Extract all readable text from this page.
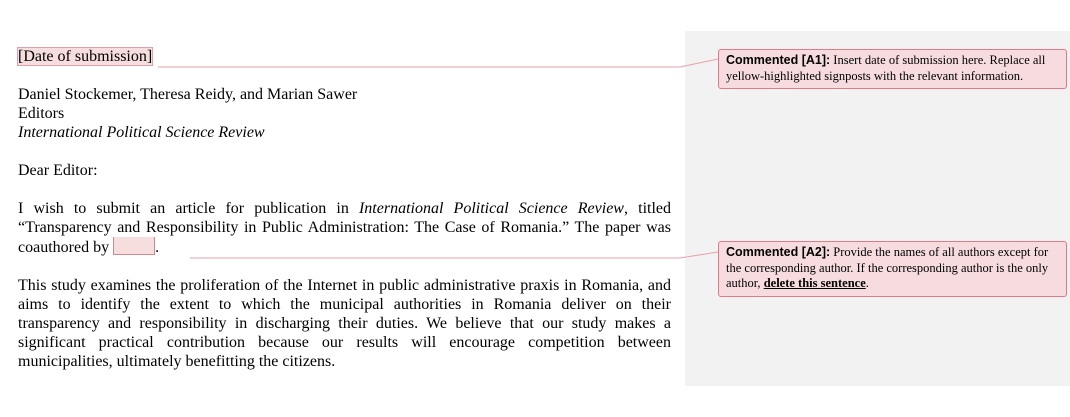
[Date of submission]

Daniel Stockemer, Theresa Reidy, and Marian Sawer

Editors

International Political Science Review

Dear Editor:

I wish to submit an article for publication in International Political Science Review, titled “Transparency and Responsibility in Public Administration: The Case of Romania.” The paper was coauthored by	.

This study examines the proliferation of the Internet in public administrative praxis in Romania, and aims to identify the extent to which the municipal authorities in Romania deliver on their transparency and responsibility in discharging their duties. We believe that our study makes a significant practical contribution because our results will encourage competition between municipalities, ultimately benefitting the citizens.

Commented [A1]: Insert date of submission here. Replace all yellow-highlighted signposts with the relevant information.
Commented [A2]: Provide the names of all authors except for the corresponding author. If the corresponding author is the only author, delete this sentence.
